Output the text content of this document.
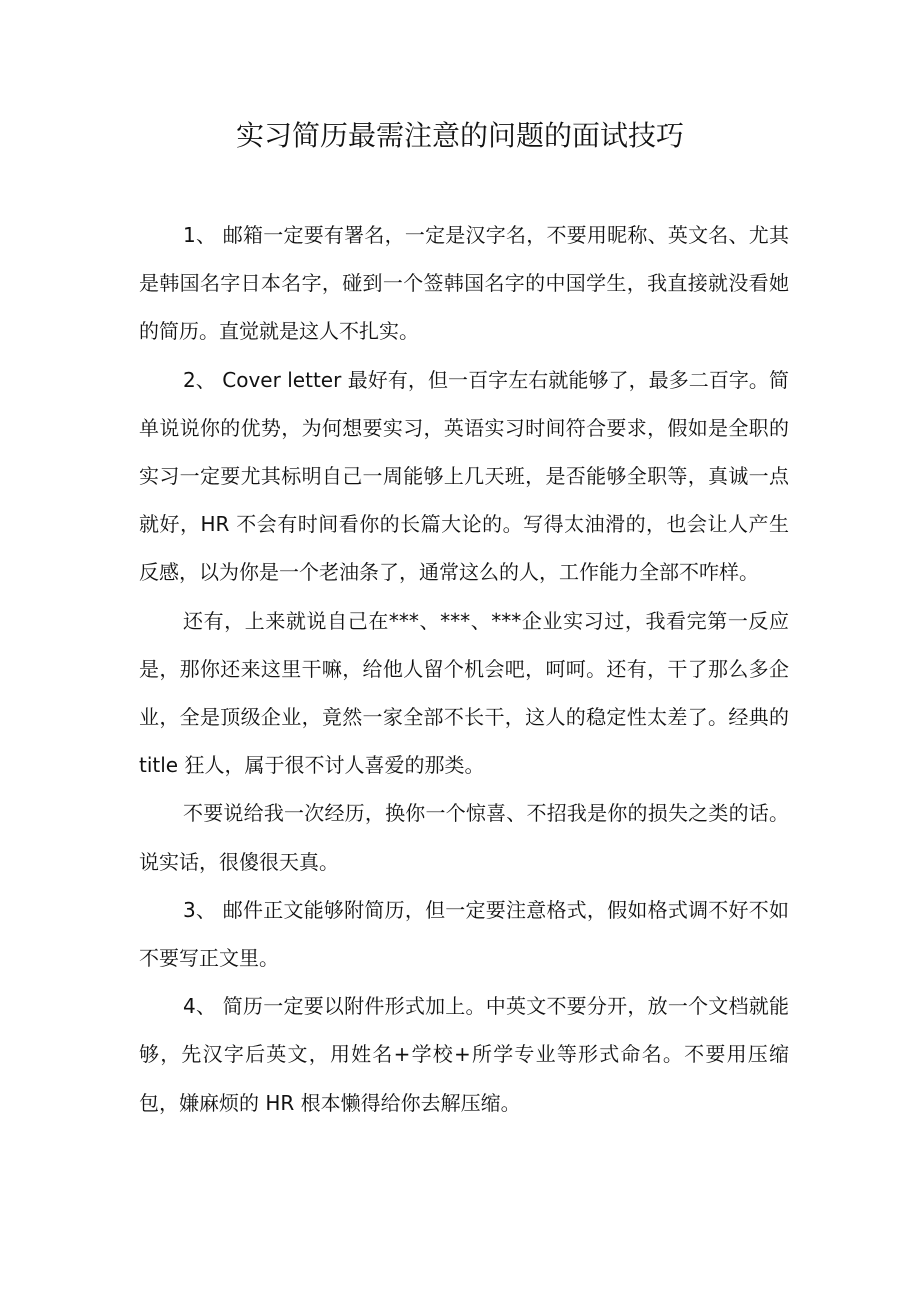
实习简历最需注意的问题的面试技巧

1、 邮箱一定要有署名，一定是汉字名，不要用昵称、英文名、尤其是韩国名字日本名字，碰到一个签韩国名字的中国学生，我直接就没看她的简历。直觉就是这人不扎实。

2、 Cover letter 最好有，但一百字左右就能够了，最多二百字。简单说说你的优势，为何想要实习，英语实习时间符合要求，假如是全职的实习一定要尤其标明自己一周能够上几天班，是否能够全职等，真诚一点就好，HR 不会有时间看你的长篇大论的。写得太油滑的，也会让人产生反感，以为你是一个老油条了，通常这么的人，工作能力全部不咋样。

还有，上来就说自己在***、***、***企业实习过，我看完第一反应是，那你还来这里干嘛，给他人留个机会吧，呵呵。还有，干了那么多企业，全是顶级企业，竟然一家全部不长干，这人的稳定性太差了。经典的 title 狂人，属于很不讨人喜爱的那类。

不要说给我一次经历，换你一个惊喜、不招我是你的损失之类的话。说实话，很傻很天真。

3、 邮件正文能够附简历，但一定要注意格式，假如格式调不好不如不要写正文里。

4、 简历一定要以附件形式加上。中英文不要分开，放一个文档就能够，先汉字后英文，用姓名+学校+所学专业等形式命名。不要用压缩包，嫌麻烦的 HR 根本懒得给你去解压缩。
